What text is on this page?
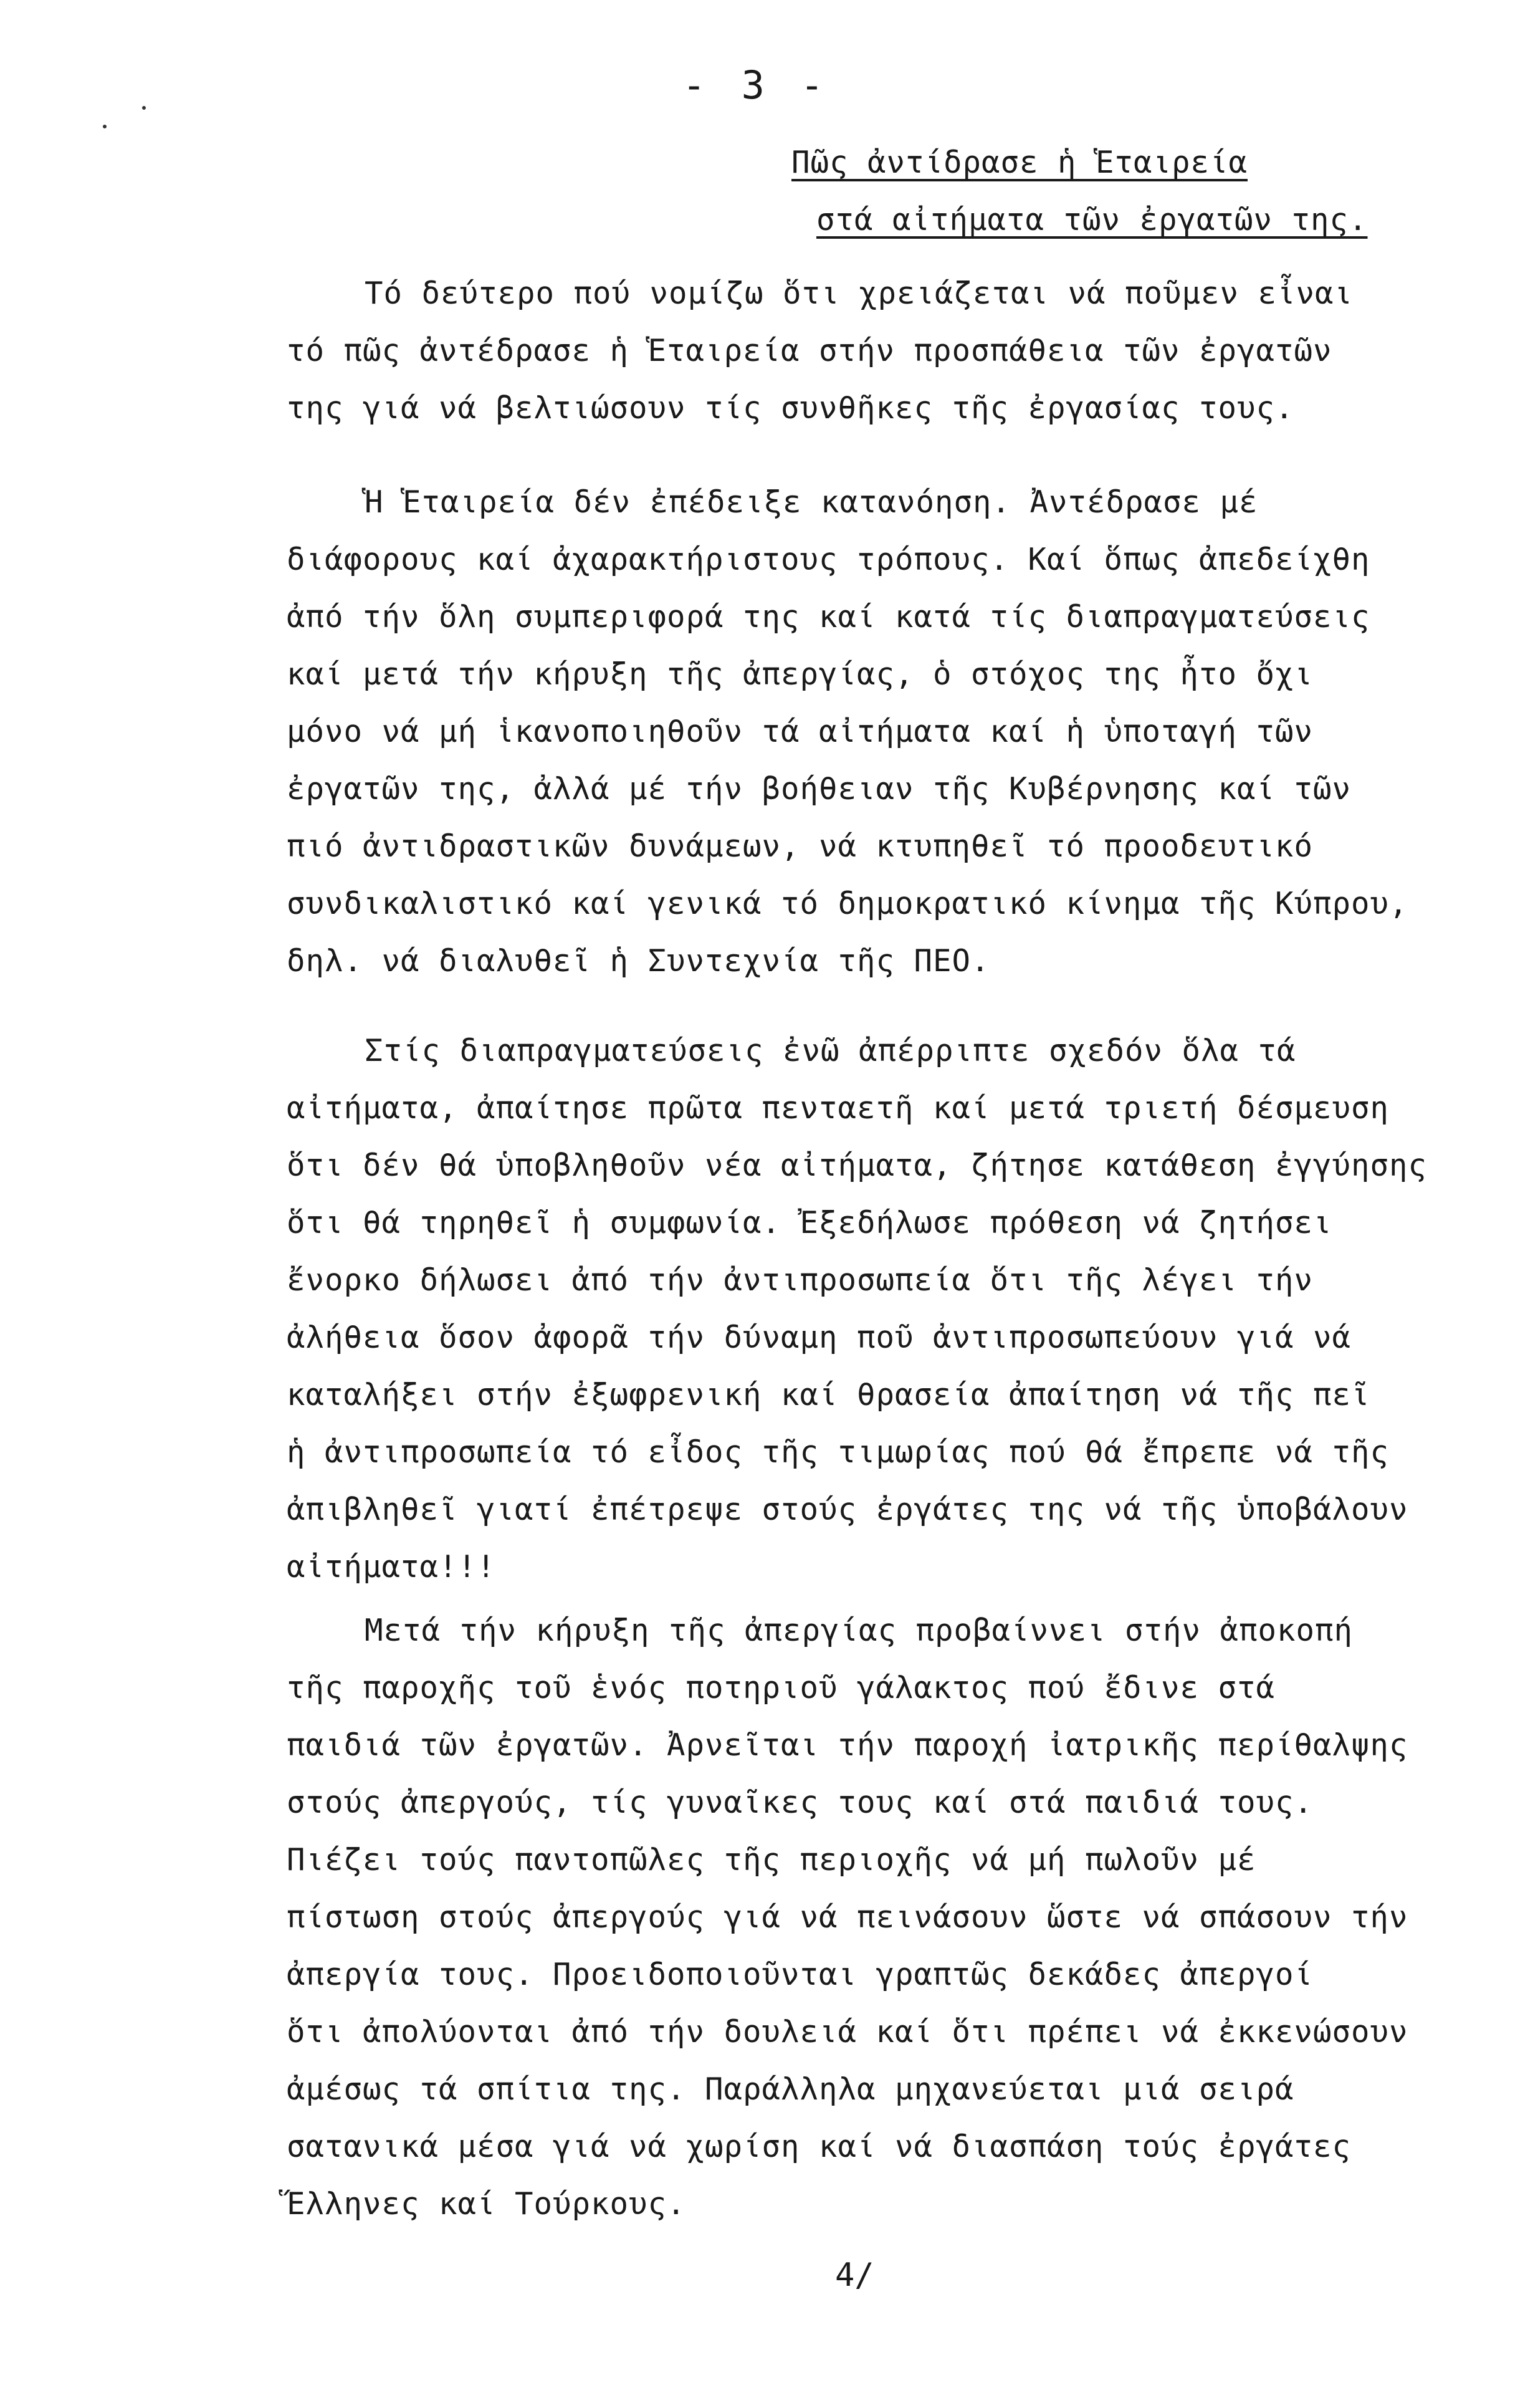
- 3 -
Πῶς ἀντίδρασε ἡ Ἑταιρεία
στά αἰτήματα τῶν ἐργατῶν της.
Τό δεύτερο πού νομίζω ὅτι χρειάζεται νά ποῦμεν εἶναι
τό πῶς ἀντέδρασε ἡ Ἑταιρεία στήν προσπάθεια τῶν ἐργατῶν
της γιά νά βελτιώσουν τίς συνθῆκες τῆς ἐργασίας τους.
Ἡ Ἑταιρεία δέν ἐπέδειξε κατανόηση. Ἀντέδρασε μέ
διάφορους καί ἀχαρακτήριστους τρόπους. Καί ὅπως ἀπεδείχθη
ἀπό τήν ὅλη συμπεριφορά της καί κατά τίς διαπραγματεύσεις
καί μετά τήν κήρυξη τῆς ἀπεργίας, ὁ στόχος της ἦτο ὄχι
μόνο νά μή ἱκανοποιηθοῦν τά αἰτήματα καί ἡ ὑποταγή τῶν
ἐργατῶν της, ἀλλά μέ τήν βοήθειαν τῆς Κυβέρνησης καί τῶν
πιό ἀντιδραστικῶν δυνάμεων, νά κτυπηθεῖ τό προοδευτικό
συνδικαλιστικό καί γενικά τό δημοκρατικό κίνημα τῆς Κύπρου,
δηλ. νά διαλυθεῖ ἡ Συντεχνία τῆς ΠΕΟ.
Στίς διαπραγματεύσεις ἐνῶ ἀπέρριπτε σχεδόν ὅλα τά
αἰτήματα, ἀπαίτησε πρῶτα πενταετῆ καί μετά τριετή δέσμευση
ὅτι δέν θά ὑποβληθοῦν νέα αἰτήματα, ζήτησε κατάθεση ἐγγύησης
ὅτι θά τηρηθεῖ ἡ συμφωνία. Ἐξεδήλωσε πρόθεση νά ζητήσει
ἔνορκο δήλωσει ἀπό τήν ἀντιπροσωπεία ὅτι τῆς λέγει τήν
ἀλήθεια ὅσον ἀφορᾶ τήν δύναμη ποῦ ἀντιπροσωπεύουν γιά νά
καταλήξει στήν ἐξωφρενική καί θρασεία ἀπαίτηση νά τῆς πεῖ
ἡ ἀντιπροσωπεία τό εἶδος τῆς τιμωρίας πού θά ἔπρεπε νά τῆς
ἀπιβληθεῖ γιατί ἐπέτρεψε στούς ἐργάτες της νά τῆς ὑποβάλουν
αἰτήματα!!!
Μετά τήν κήρυξη τῆς ἀπεργίας προβαίννει στήν ἀποκοπή
τῆς παροχῆς τοῦ ἑνός ποτηριοῦ γάλακτος πού ἔδινε στά
παιδιά τῶν ἐργατῶν. Ἀρνεῖται τήν παροχή ἰατρικῆς περίθαλψης
στούς ἀπεργούς, τίς γυναῖκες τους καί στά παιδιά τους.
Πιέζει τούς παντοπῶλες τῆς περιοχῆς νά μή πωλοῦν μέ
πίστωση στούς ἀπεργούς γιά νά πεινάσουν ὥστε νά σπάσουν τήν
ἀπεργία τους. Προειδοποιοῦνται γραπτῶς δεκάδες ἀπεργοί
ὅτι ἀπολύονται ἀπό τήν δουλειά καί ὅτι πρέπει νά ἐκκενώσουν
ἀμέσως τά σπίτια της. Παράλληλα μηχανεύεται μιά σειρά
σατανικά μέσα γιά νά χωρίση καί νά διασπάση τούς ἐργάτες
Ἕλληνες καί Τούρκους.
4/
